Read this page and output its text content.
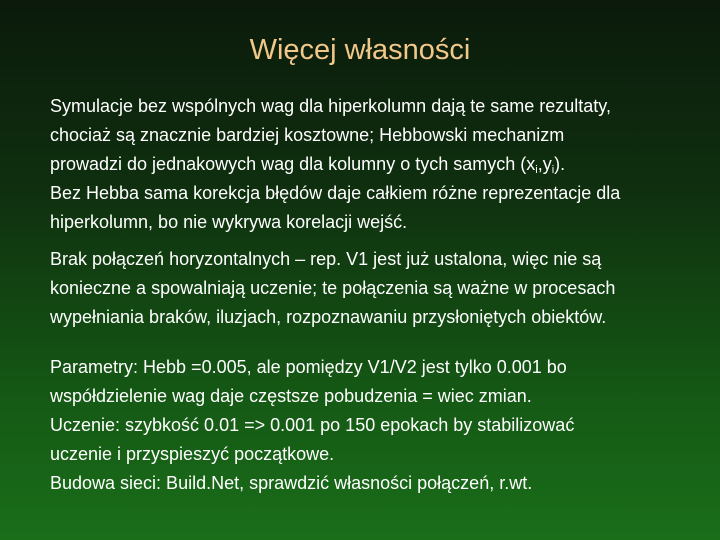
Więcej własności

Symulacje bez wspólnych wag dla hiperkolumn dają te same rezultaty,
chociaż są znacznie bardziej kosztowne; Hebbowski mechanizm
prowadzi do jednakowych wag dla kolumny o tych samych $(x_i,y_i)$.
Bez Hebba sama korekcja błędów daje całkiem różne reprezentacje dla
hiperkolumn, bo nie wykrywa korelacji wejść.

Brak połączeń horyzontalnych – rep. V1 jest już ustalona, więc nie są
konieczne a spowalniają uczenie; te połączenia są ważne w procesach
wypełniania braków, iluzjach, rozpoznawaniu przysłoniętych obiektów.

Parametry: Hebb =0.005, ale pomiędzy V1/V2 jest tylko 0.001 bo
współdzielenie wag daje częstsze pobudzenia = wiec zmian.
Uczenie: szybkość 0.01 => 0.001 po 150 epokach by stabilizować
uczenie i przyspieszyć początkowe.
Budowa sieci: Build.Net, sprawdzić własności połączeń, r.wt.
